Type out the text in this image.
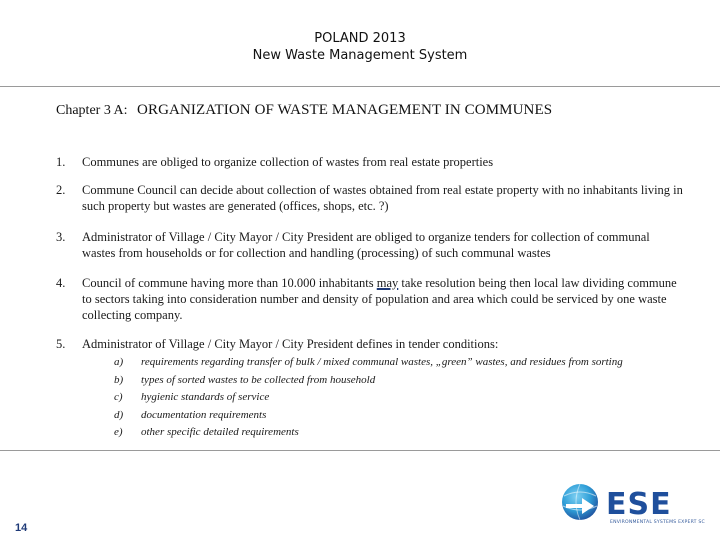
POLAND 2013
New Waste Management System
Chapter 3 A: ORGANIZATION OF WASTE MANAGEMENT IN COMMUNES
1.	Communes are obliged to organize collection of wastes from real estate properties
2.	Commune Council can decide about collection of wastes obtained from real estate property with no inhabitants living in such property but wastes are generated (offices, shops, etc. ?)
3.	Administrator of Village / City Mayor / City President are obliged to organize tenders for collection of communal wastes from households or for collection and handling (processing) of such communal wastes
4.	Council of commune having more than 10.000 inhabitants may take resolution being then local law dividing commune to sectors taking into consideration number and density of population and area which could be serviced by one waste collecting company.
5.	Administrator of Village / City Mayor / City President defines in tender conditions:
a) requirements regarding transfer of bulk / mixed communal wastes, „green” wastes, and residues from sorting
b) types of sorted wastes to be collected from household
c) hygienic standards of service
d) documentation requirements
e) other specific detailed requirements
14
ESE
ENVIRONMENTAL SYSTEMS EXPERT SC
